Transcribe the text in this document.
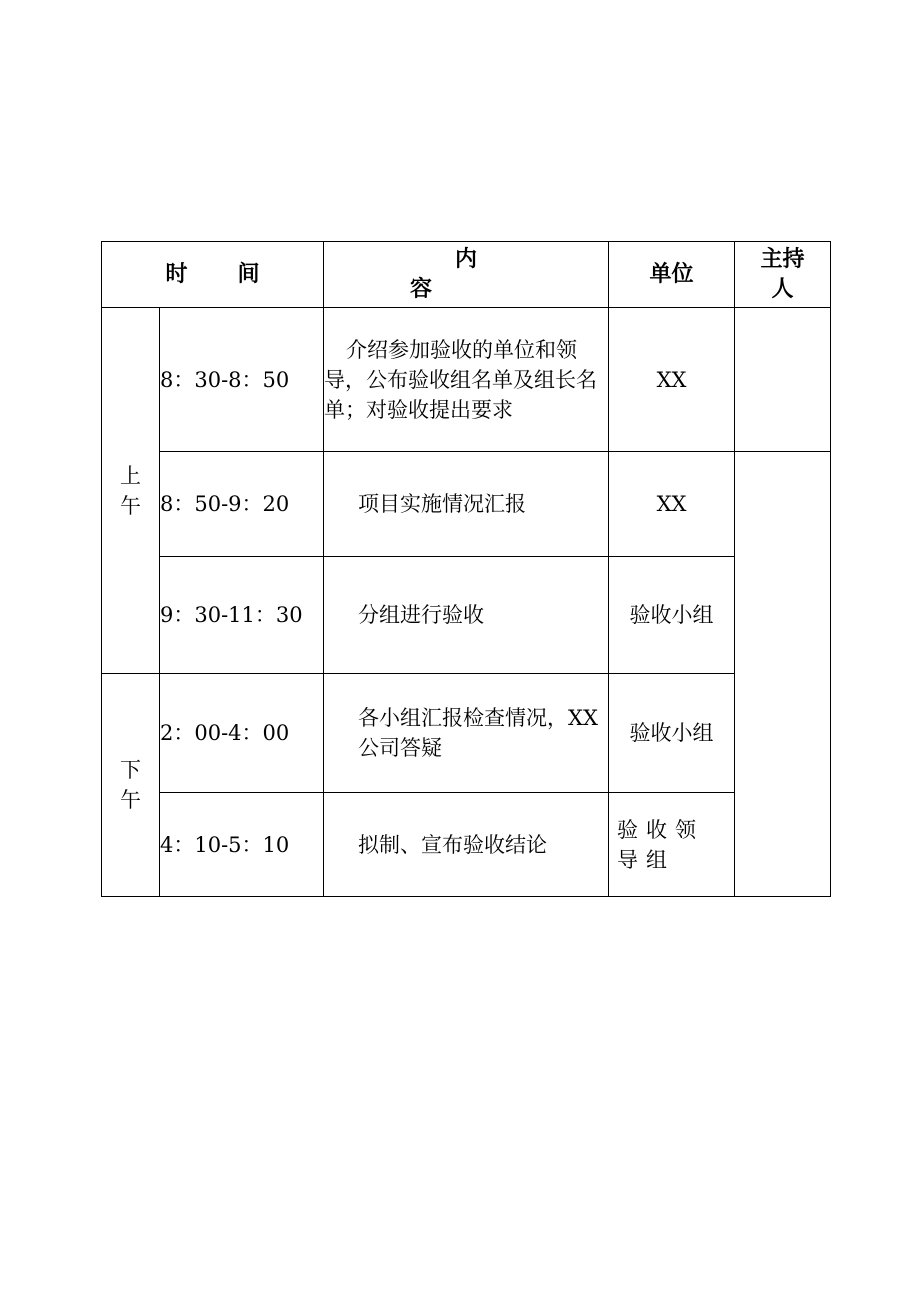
时间		内容	单位	主持人

上午	8：30-8：50	介绍参加验收的单位和领导，公布验收组名单及组长名单；对验收提出要求	XX	
	8：50-9：20	项目实施情况汇报	XX	
	9：30-11：30	分组进行验收	验收小组	

下午	2：00-4：00	各小组汇报检查情况，XX公司答疑	验收小组	
	4：10-5：10	拟制、宣布验收结论	验收领导组	
